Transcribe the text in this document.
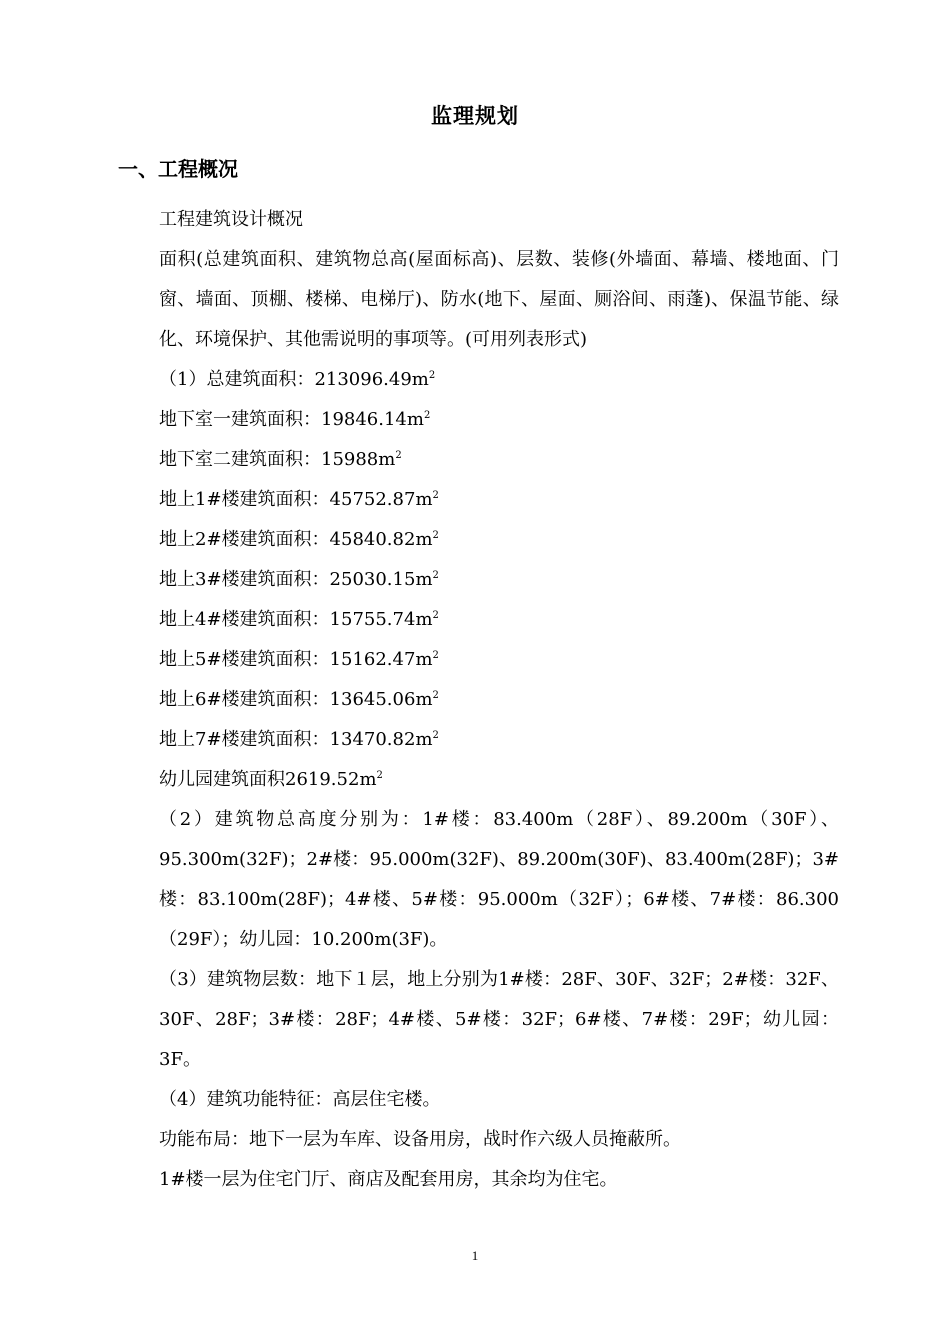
监理规划
一、工程概况

工程建筑设计概况

面积(总建筑面积、建筑物总高(屋面标高)、层数、装修(外墙面、幕墙、楼地面、门窗、墙面、顶棚、楼梯、电梯厅)、防水(地下、屋面、厕浴间、雨蓬)、保温节能、绿化、环境保护、其他需说明的事项等。(可用列表形式)

（1）总建筑面积：$213096.49m^2$

地下室一建筑面积：$19846.14m^2$

地下室二建筑面积：$15988m^2$

地上1#楼建筑面积：$45752.87m^2$

地上2#楼建筑面积：$45840.82m^2$

地上3#楼建筑面积：$25030.15m^2$

地上4#楼建筑面积：$15755.74m^2$

地上5#楼建筑面积：$15162.47m^2$

地上6#楼建筑面积：$13645.06m^2$

地上7#楼建筑面积：$13470.82m^2$

幼儿园建筑面积$2619.52m^2$

（2）建筑物总高度分别为：1#楼：83.400m（28F）、89.200m（30F）、95.300m(32F)；2#楼：95.000m(32F)、89.200m(30F)、83.400m(28F)；3#楼：83.100m(28F)；4#楼、5#楼：95.000m（32F）；6#楼、7#楼：86.300（29F）；幼儿园：10.200m(3F)。

（3）建筑物层数：地下１层，地上分别为1#楼：28F、30F、32F；2#楼：32F、30F、28F；3#楼：28F；4#楼、5#楼：32F；6#楼、7#楼：29F；幼儿园：3F。

（4）建筑功能特征：高层住宅楼。

功能布局：地下一层为车库、设备用房，战时作六级人员掩蔽所。

1#楼一层为住宅门厅、商店及配套用房，其余均为住宅。

1
